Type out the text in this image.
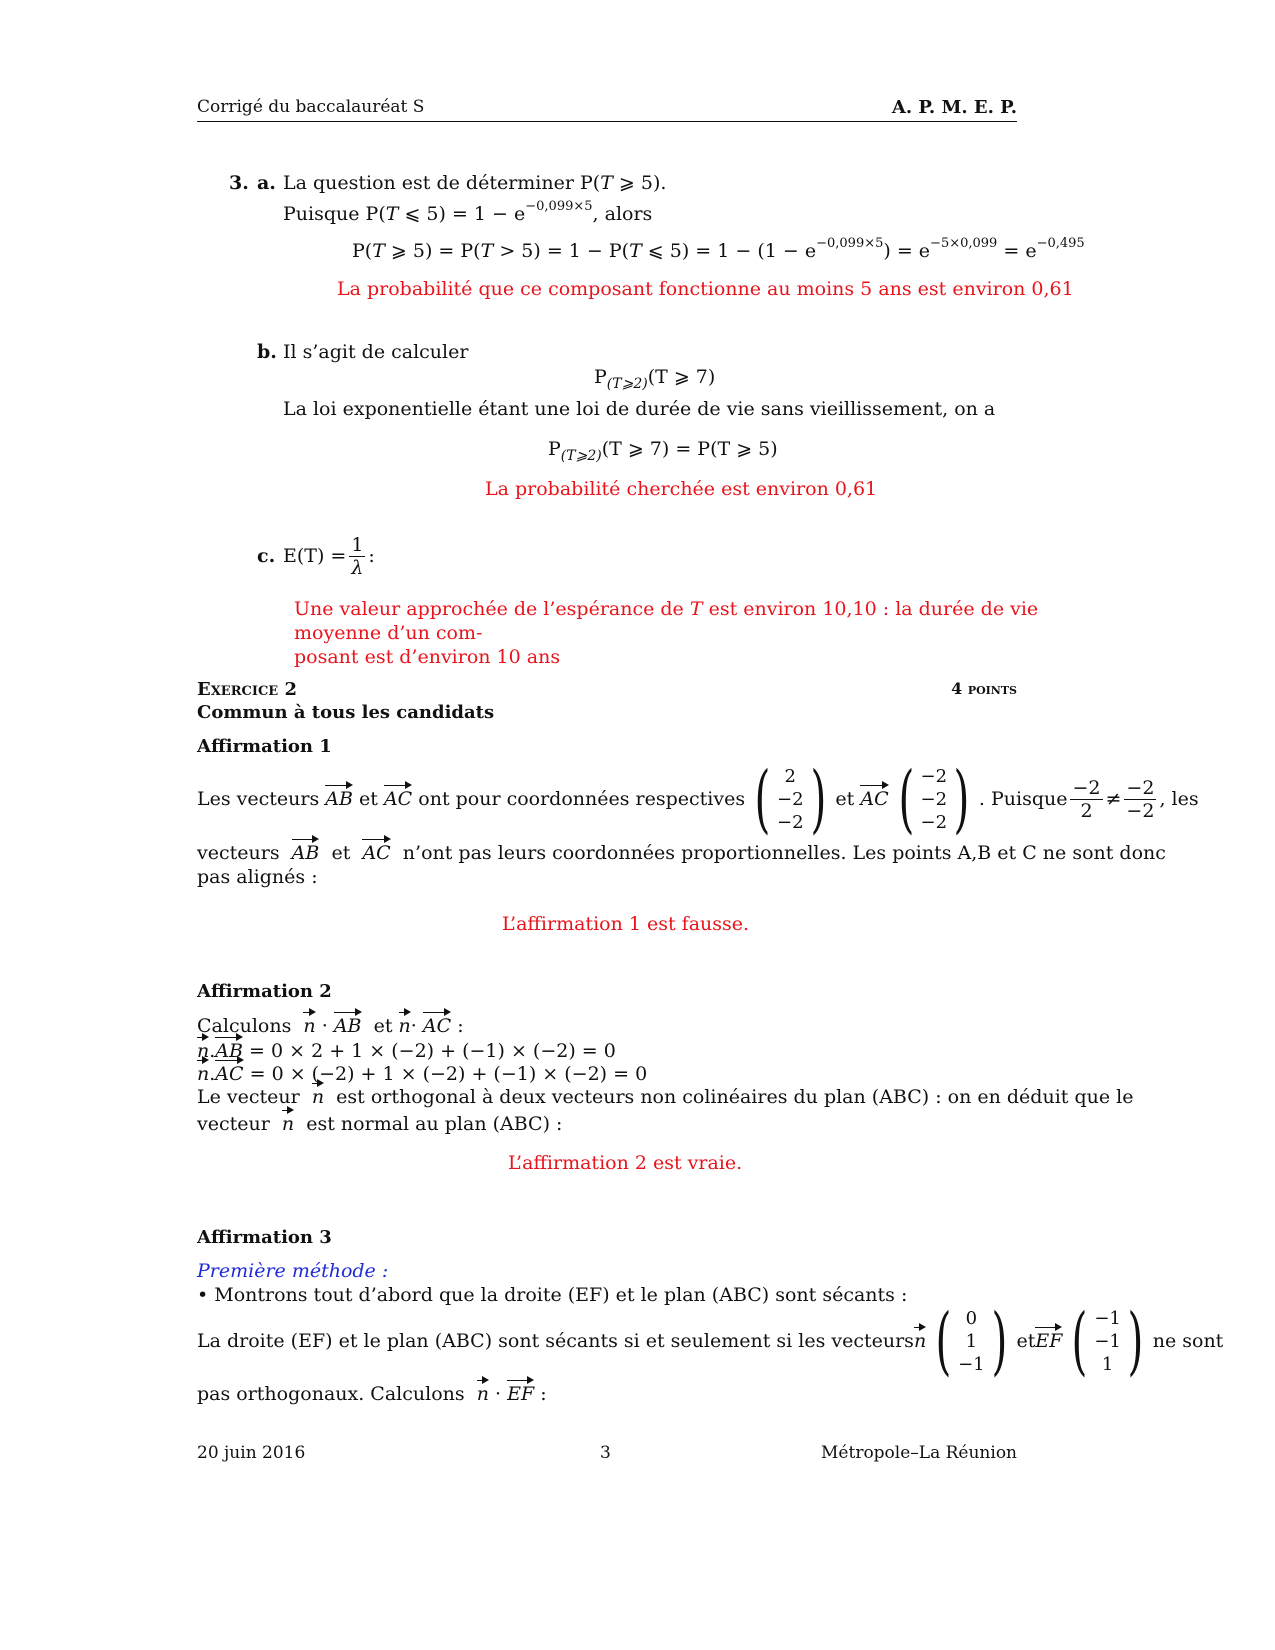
Corrigé du baccalauréat S	A. P. M. E. P.
3. a. La question est de déterminer P(T ⩾ 5).
Puisque P(T ⩽ $5) = 1 - e^{-0,099\times 5}$, alors
P(T ⩾ 5) = P(T > 5) = 1 − P(T ⩽ $5) = 1 - (1 - e^{-0,099\times 5}) = e^{-5\times 0,099} = e^{-0,495}$
La probabilité que ce composant fonctionne au moins 5 ans est environ 0,61
b. Il s’agit de calculer
$P_{(T⩾2)}(T$ ⩾ 7)
La loi exponentielle étant une loi de durée de vie sans vieillissement, on a
$P_{(T⩾2)}(T$ ⩾ 7) = P(T ⩾ 5)
La probabilité cherchée est environ 0,61
c. $E(T) = \frac{1}{\lambda}$ :
Une valeur approchée de l’espérance de T est environ 10,10 : la durée de vie moyenne d’un com-
posant est d’environ 10 ans
Exercice 2	4 points
Commun à tous les candidats
Affirmation 1
Les vecteurs
AB
et
AC
ont pour coordonnées respectives ( 2
−2
−2 ) et
AC ( −2
−2
−2 ) . Puisque $\frac{-2}{2} \ne \frac{-2}{-2}$ , les
vecteurs AB et AC n’ont pas leurs coordonnées proportionnelles. Les points A,B et C ne sont donc
pas alignés :
L’affirmation 1 est fausse.
Affirmation 2
Calculons n · AB et n· AC :
n.AB = 0 × 2 + 1 × (−2) + (−1) × (−2) = 0
n.AC = 0 × (−2) + 1 × (−2) + (−1) × (−2) = 0
Le vecteur n est orthogonal à deux vecteurs non colinéaires du plan (ABC) : on en déduit que le
vecteur n est normal au plan (ABC) :
L’affirmation 2 est vraie.
Affirmation 3
Première méthode :
• Montrons tout d’abord que la droite (EF) et le plan (ABC) sont sécants :
La droite (EF) et le plan (ABC) sont sécants si et seulement si les vecteurs n ( 0
1
−1 ) et EF ( −1
−1
1 ) ne sont
pas orthogonaux. Calculons n · EF :
20 juin 2016	3	Métropole–La Réunion
